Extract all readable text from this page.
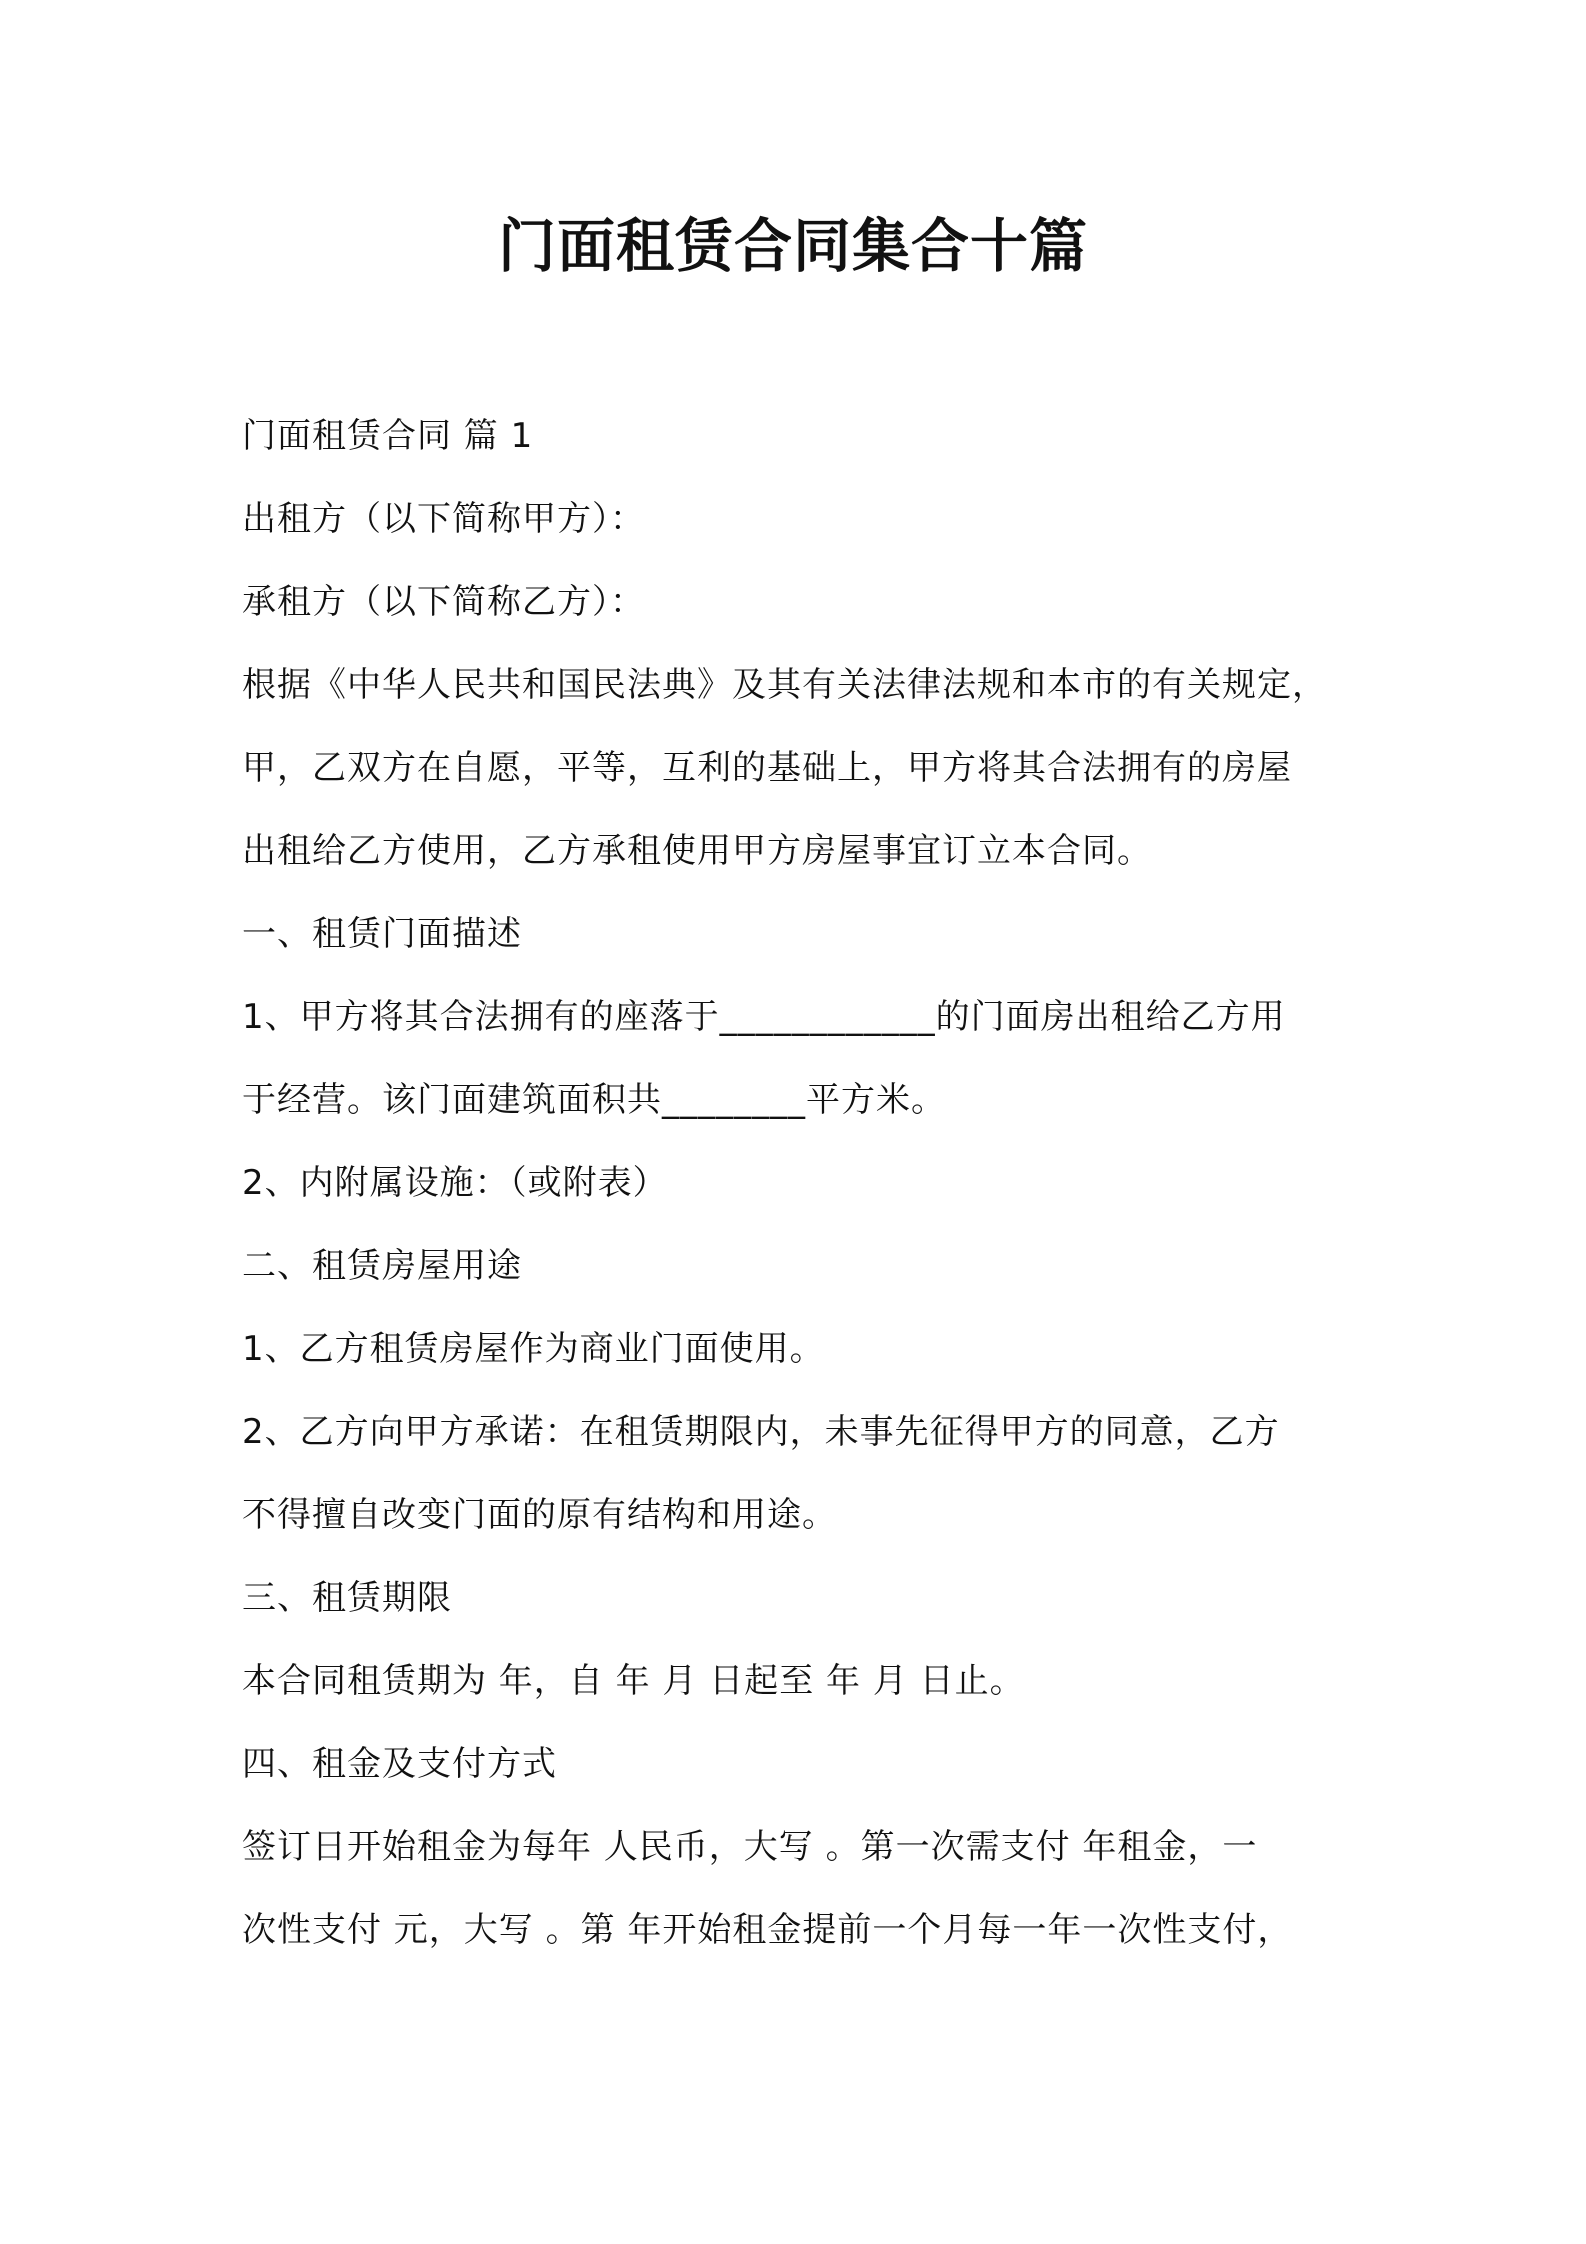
门面租赁合同集合十篇
门面租赁合同 篇 1
出租方（以下简称甲方）：
承租方（以下简称乙方）：
根据《中华人民共和国民法典》及其有关法律法规和本市的有关规定，
甲，乙双方在自愿，平等，互利的基础上，甲方将其合法拥有的房屋
出租给乙方使用，乙方承租使用甲方房屋事宜订立本合同。
一、租赁门面描述
1、甲方将其合法拥有的座落于____________的门面房出租给乙方用
于经营。该门面建筑面积共________平方米。
2、内附属设施：（或附表）
二、租赁房屋用途
1、乙方租赁房屋作为商业门面使用。
2、乙方向甲方承诺：在租赁期限内，未事先征得甲方的同意，乙方
不得擅自改变门面的原有结构和用途。
三、租赁期限
本合同租赁期为 年，自 年 月 日起至 年 月 日止。
四、租金及支付方式
签订日开始租金为每年 人民币，大写 。第一次需支付 年租金，一
次性支付 元，大写 。第 年开始租金提前一个月每一年一次性支付，
